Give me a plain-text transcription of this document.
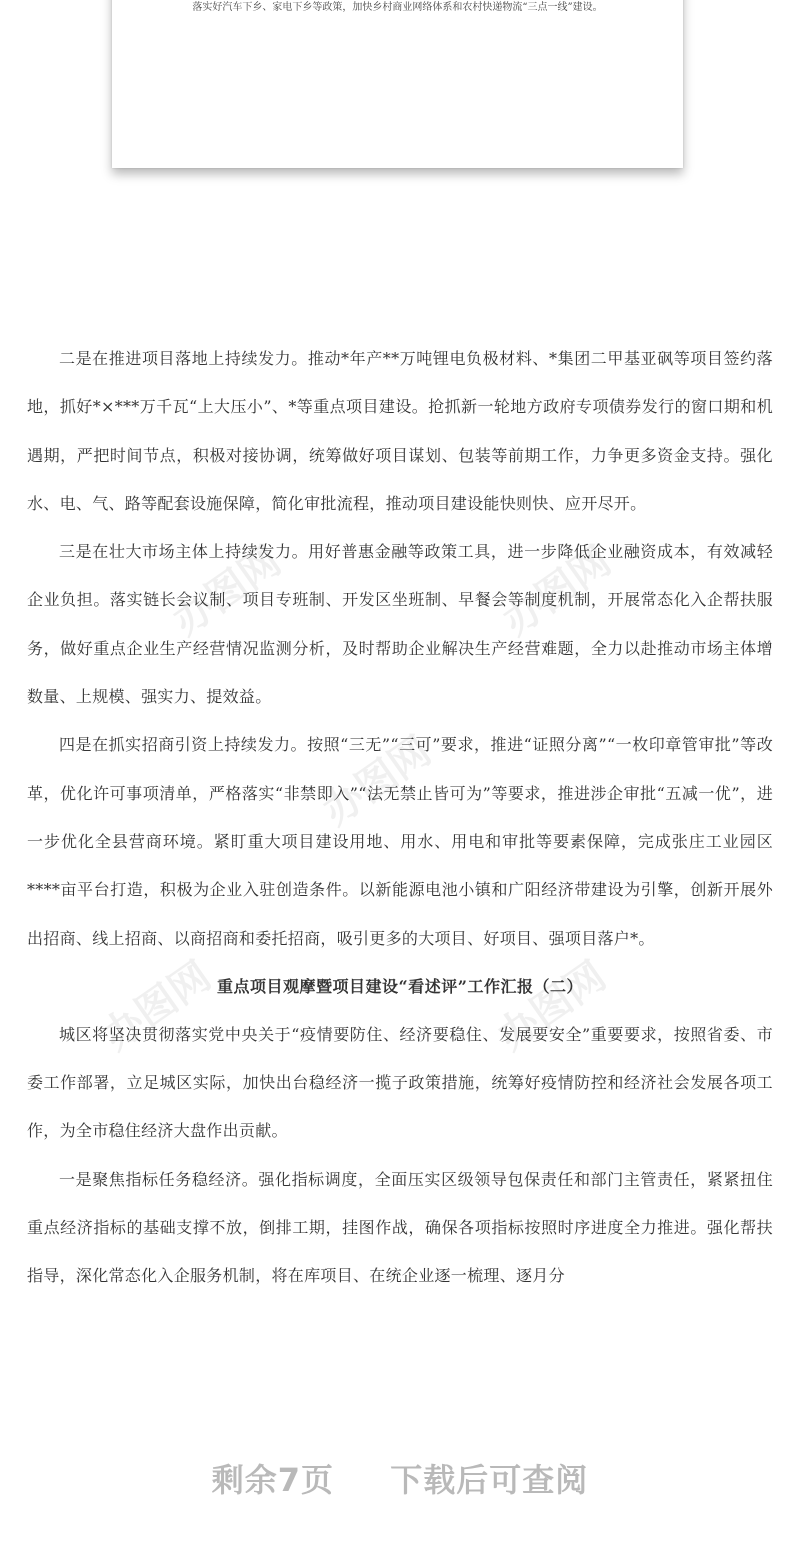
落实好汽车下乡、家电下乡等政策，加快乡村商业网络体系和农村快递物流“三点一线”建设。
办图网	办图网
办图网
办图网	办图网

二是在推进项目落地上持续发力。推动*年产**万吨锂电负极材料、*集团二甲基亚砜等项目签约落地，抓好*×***万千瓦“上大压小”、*等重点项目建设。抢抓新一轮地方政府专项债券发行的窗口期和机遇期，严把时间节点，积极对接协调，统筹做好项目谋划、包装等前期工作，力争更多资金支持。强化水、电、气、路等配套设施保障，简化审批流程，推动项目建设能快则快、应开尽开。

三是在壮大市场主体上持续发力。用好普惠金融等政策工具，进一步降低企业融资成本，有效减轻企业负担。落实链长会议制、项目专班制、开发区坐班制、早餐会等制度机制，开展常态化入企帮扶服务，做好重点企业生产经营情况监测分析，及时帮助企业解决生产经营难题，全力以赴推动市场主体增数量、上规模、强实力、提效益。

四是在抓实招商引资上持续发力。按照“三无”“三可”要求，推进“证照分离”“一枚印章管审批”等改革，优化许可事项清单，严格落实“非禁即入”“法无禁止皆可为”等要求，推进涉企审批“五减一优”，进一步优化全县营商环境。紧盯重大项目建设用地、用水、用电和审批等要素保障，完成张庄工业园区****亩平台打造，积极为企业入驻创造条件。以新能源电池小镇和广阳经济带建设为引擎，创新开展外出招商、线上招商、以商招商和委托招商，吸引更多的大项目、好项目、强项目落户*。

重点项目观摩暨项目建设“看述评”工作汇报（二）

城区将坚决贯彻落实党中央关于“疫情要防住、经济要稳住、发展要安全”重要要求，按照省委、市委工作部署，立足城区实际，加快出台稳经济一揽子政策措施，统筹好疫情防控和经济社会发展各项工作，为全市稳住经济大盘作出贡献。

一是聚焦指标任务稳经济。强化指标调度，全面压实区级领导包保责任和部门主管责任，紧紧扭住重点经济指标的基础支撑不放，倒排工期，挂图作战，确保各项指标按照时序进度全力推进。强化帮扶指导，深化常态化入企服务机制，将在库项目、在统企业逐一梳理、逐月分

剩余7页 下载后可查阅
